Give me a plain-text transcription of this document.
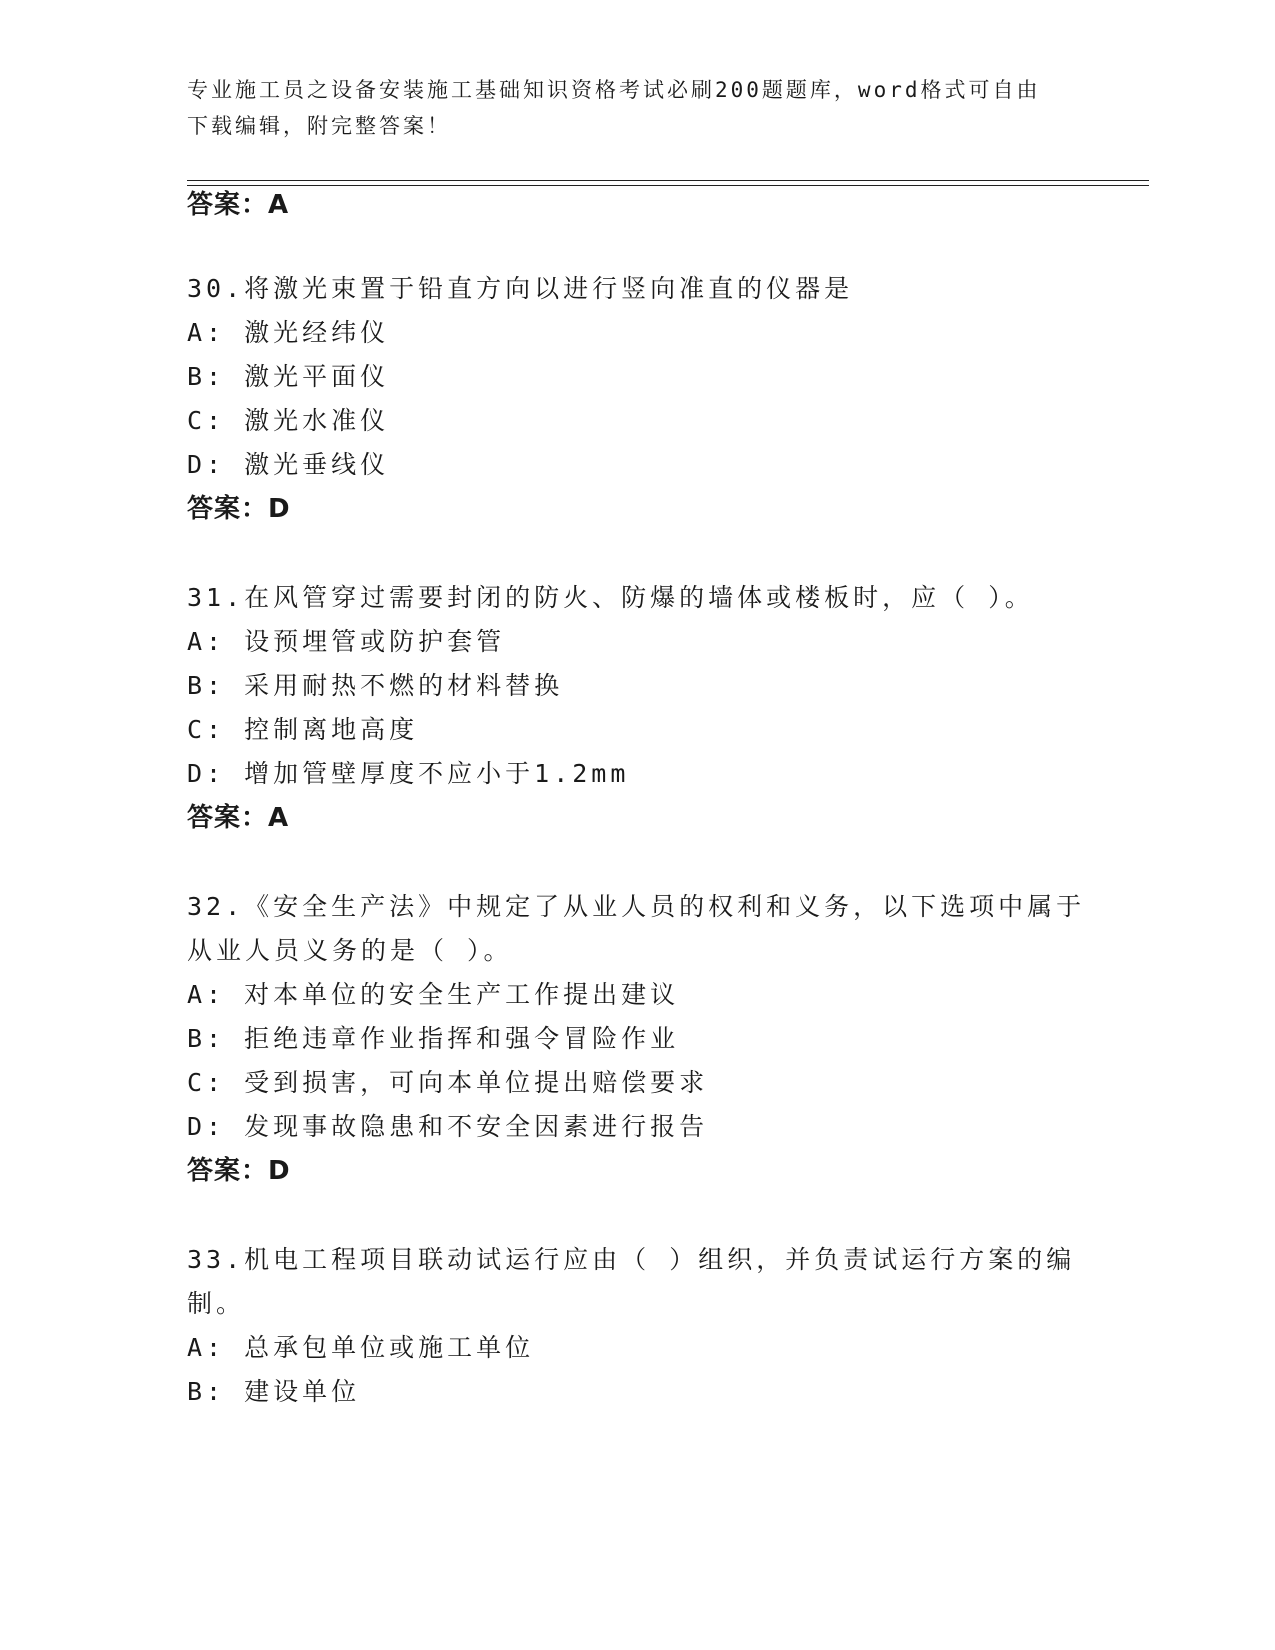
专业施工员之设备安装施工基础知识资格考试必刷200题题库，word格式可自由
下载编辑，附完整答案！
答案：A
30.将激光束置于铅直方向以进行竖向准直的仪器是
A: 激光经纬仪
B: 激光平面仪
C: 激光水准仪
D: 激光垂线仪
答案：D
31.在风管穿过需要封闭的防火、防爆的墙体或楼板时，应（ ）。
A: 设预埋管或防护套管
B: 采用耐热不燃的材料替换
C: 控制离地高度
D: 增加管壁厚度不应小于1.2mm
答案：A
32.《安全生产法》中规定了从业人员的权利和义务，以下选项中属于
从业人员义务的是（ ）。
A: 对本单位的安全生产工作提出建议
B: 拒绝违章作业指挥和强令冒险作业
C: 受到损害，可向本单位提出赔偿要求
D: 发现事故隐患和不安全因素进行报告
答案：D
33.机电工程项目联动试运行应由（ ）组织，并负责试运行方案的编
制。
A: 总承包单位或施工单位
B: 建设单位
